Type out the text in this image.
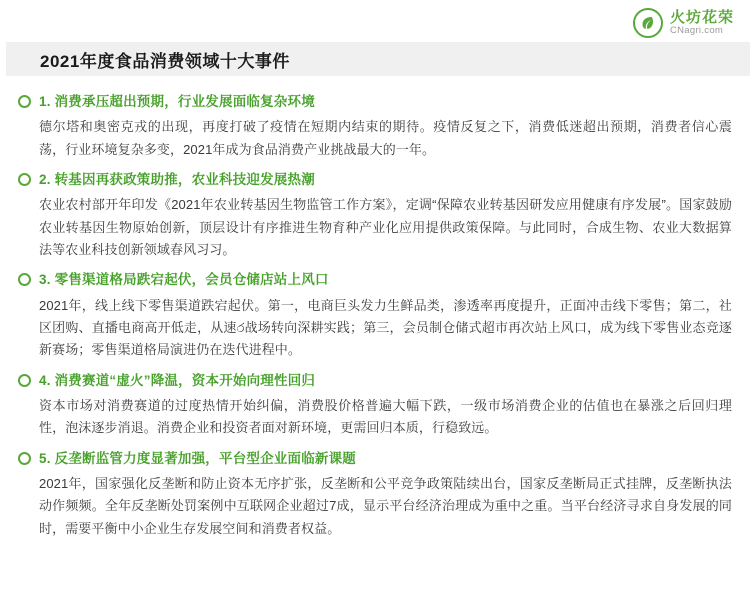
火坊花荣
CNagri.com
2021年度食品消费领域十大事件
1. 消费承压超出预期，行业发展面临复杂环境

德尔塔和奥密克戎的出现，再度打破了疫情在短期内结束的期待。疫情反复之下，消费低迷超出预期，消费者信心震荡，行业环境复杂多变，2021年成为食品消费产业挑战最大的一年。

2. 转基因再获政策助推，农业科技迎发展热潮

农业农村部开年印发《2021年农业转基因生物监管工作方案》，定调“保障农业转基因研发应用健康有序发展”。国家鼓励农业转基因生物原始创新，顶层设计有序推进生物育种产业化应用提供政策保障。与此同时，合成生物、农业大数据算法等农业科技创新领域春风习习。

3. 零售渠道格局跌宕起伏，会员仓储店站上风口

2021年，线上线下零售渠道跌宕起伏。第一，电商巨头发力生鲜品类，渗透率再度提升，正面冲击线下零售；第二，社区团购、直播电商高开低走，从速෮战场转向深耕实践；第三，会员制仓储式超市再次站上风口，成为线下零售业态竞逐新赛场；零售渠道格局演进仍在迭代进程中。

4. 消费赛道“虚火”降温，资本开始向理性回归

资本市场对消费赛道的过度热情开始纠偏，消费股价格普遍大幅下跌，一级市场消费企业的估值也在暴涨之后回归理性，泡沫逐步消退。消费企业和投资者面对新环境，更需回归本质，行稳致远。

5. 反垄断监管力度显著加强，平台型企业面临新课题

2021年，国家强化反垄断和防止资本无序扩张，反垄断和公平竞争政策陆续出台，国家反垄断局正式挂牌，反垄断执法动作频频。全年反垄断处罚案例中互联网企业超过7成，显示平台经济治理成为重中之重。当平台经济寻求自身发展的同时，需要平衡中小企业生存发展空间和消费者权益。
